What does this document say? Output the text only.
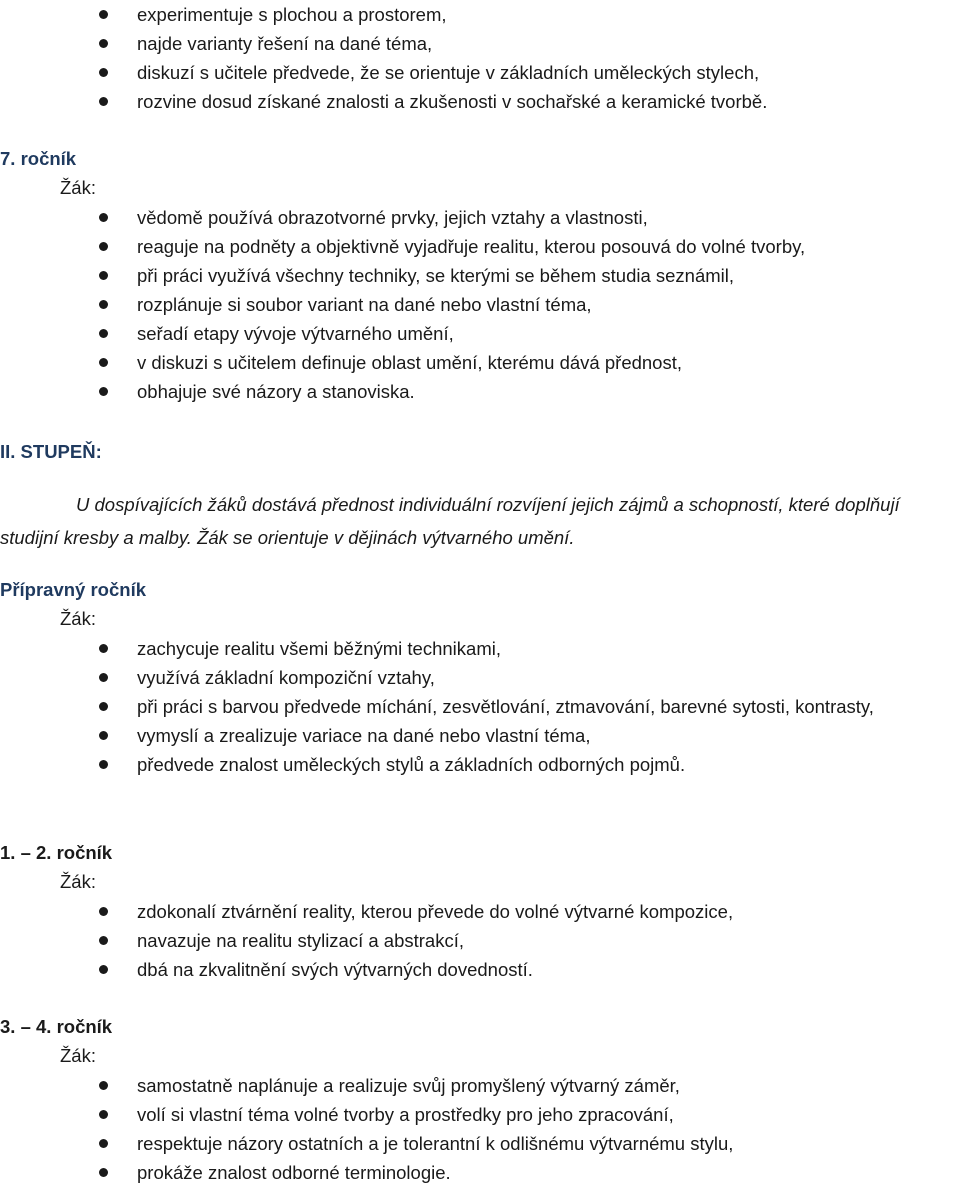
experimentuje s plochou a prostorem,
najde varianty řešení na dané téma,
diskuzí s učitele předvede, že se orientuje v základních uměleckých stylech,
rozvine dosud získané znalosti a zkušenosti v sochařské a keramické tvorbě.
7. ročník
Žák:
vědomě používá obrazotvorné prvky, jejich vztahy a vlastnosti,
reaguje na podněty a objektivně vyjadřuje realitu, kterou posouvá do volné tvorby,
při práci využívá všechny techniky, se kterými se během studia seznámil,
rozplánuje si soubor variant na dané nebo vlastní téma,
seřadí etapy vývoje výtvarného umění,
v diskuzi s učitelem definuje oblast umění, kterému dává přednost,
obhajuje své názory a stanoviska.
II. STUPEŇ:
U dospívajících žáků dostává přednost individuální rozvíjení jejich zájmů a schopností, které doplňují studijní kresby a malby. Žák se orientuje v dějinách výtvarného umění.
Přípravný ročník
Žák:
zachycuje realitu všemi běžnými technikami,
využívá základní kompoziční vztahy,
při práci s barvou předvede míchání, zesvětlování, ztmavování, barevné sytosti, kontrasty,
vymyslí a zrealizuje variace na dané nebo vlastní téma,
předvede znalost uměleckých stylů a základních odborných pojmů.
1. – 2. ročník
Žák:
zdokonalí ztvárnění reality, kterou převede do volné výtvarné kompozice,
navazuje na realitu stylizací a abstrakcí,
dbá na zkvalitnění svých výtvarných dovedností.
3. – 4. ročník
Žák:
samostatně naplánuje a realizuje svůj promyšlený výtvarný záměr,
volí si vlastní téma volné tvorby a prostředky pro jeho zpracování,
respektuje názory ostatních a je tolerantní k odlišnému výtvarnému stylu,
prokáže znalost odborné terminologie.
